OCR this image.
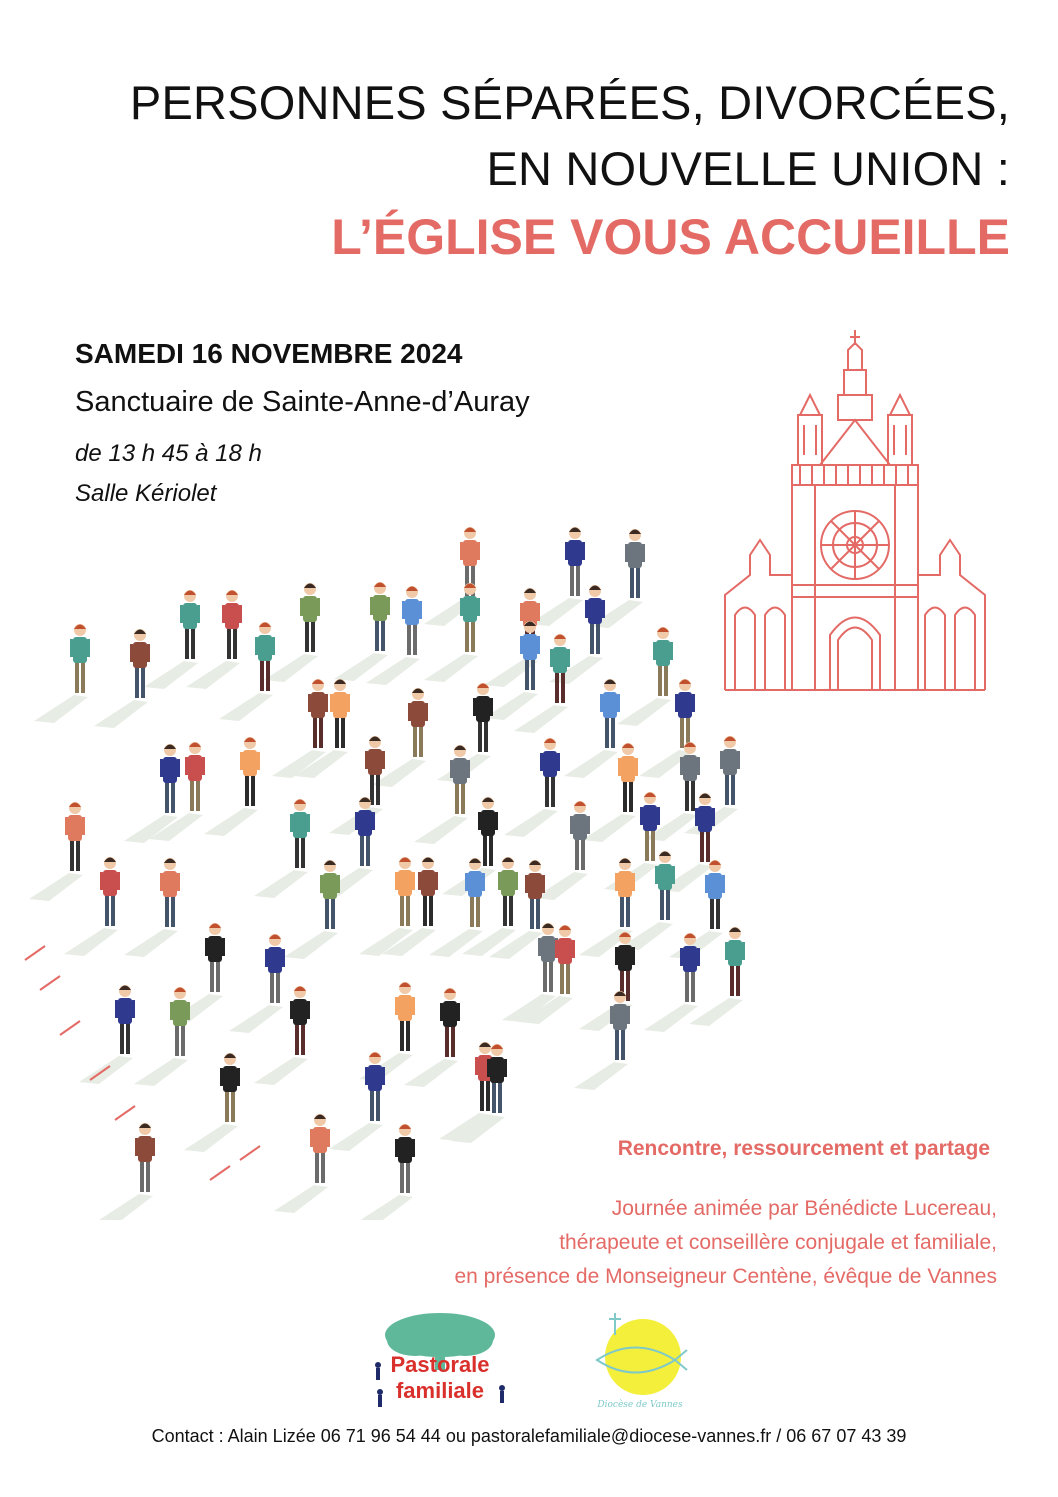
PERSONNES SÉPARÉES, DIVORCÉES,
EN NOUVELLE UNION :
L’ÉGLISE VOUS ACCUEILLE
SAMEDI 16 NOVEMBRE 2024
Sanctuaire de Sainte-Anne-d’Auray
de 13 h 45 à 18 h
Salle Kériolet
Rencontre, ressourcement et partage
Journée animée par Bénédicte Lucereau,
thérapeute et conseillère conjugale et familiale,
en présence de Monseigneur Centène, évêque de Vannes
Pastorale
familiale
Diocèse de Vannes
Contact : Alain Lizée 06 71 96 54 44 ou pastoralefamiliale@diocese-vannes.fr / 06 67 07 43 39
